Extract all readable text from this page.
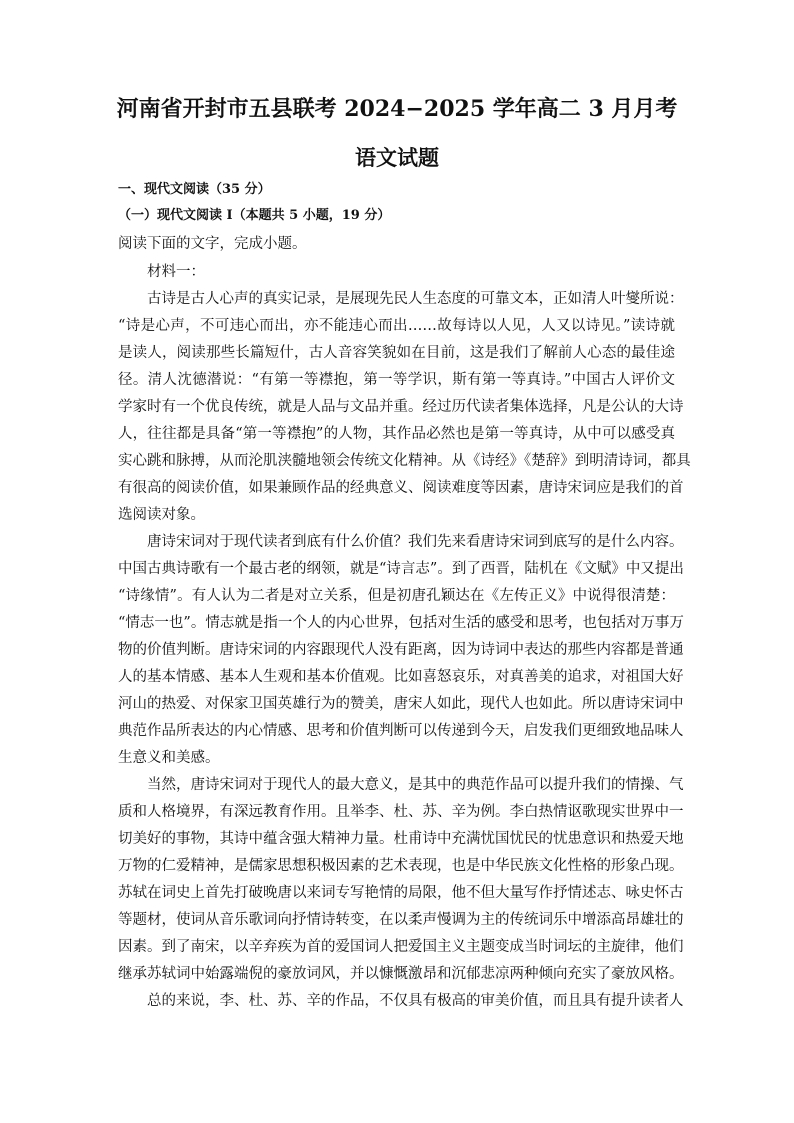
河南省开封市五县联考 2024−2025 学年高二 3 月月考
语文试题
一、现代文阅读（35 分）
（一）现代文阅读 I（本题共 5 小题，19 分）
阅读下面的文字，完成小题。
材料一：
古诗是古人心声的真实记录，是展现先民人生态度的可靠文本，正如清人叶燮所说：
“诗是心声，不可违心而出，亦不能违心而出……故每诗以人见，人又以诗见。”读诗就
是读人，阅读那些长篇短什，古人音容笑貌如在目前，这是我们了解前人心态的最佳途
径。清人沈德潜说：“有第一等襟抱，第一等学识，斯有第一等真诗。”中国古人评价文
学家时有一个优良传统，就是人品与文品并重。经过历代读者集体选择，凡是公认的大诗
人，往往都是具备“第一等襟抱”的人物，其作品必然也是第一等真诗，从中可以感受真
实心跳和脉搏，从而沦肌浃髓地领会传统文化精神。从《诗经》《楚辞》到明清诗词，都具
有很高的阅读价值，如果兼顾作品的经典意义、阅读难度等因素，唐诗宋词应是我们的首
选阅读对象。
唐诗宋词对于现代读者到底有什么价值？我们先来看唐诗宋词到底写的是什么内容。
中国古典诗歌有一个最古老的纲领，就是“诗言志”。到了西晋，陆机在《文赋》中又提出
“诗缘情”。有人认为二者是对立关系，但是初唐孔颖达在《左传正义》中说得很清楚：
“情志一也”。情志就是指一个人的内心世界，包括对生活的感受和思考，也包括对万事万
物的价值判断。唐诗宋词的内容跟现代人没有距离，因为诗词中表达的那些内容都是普通
人的基本情感、基本人生观和基本价值观。比如喜怒哀乐，对真善美的追求，对祖国大好
河山的热爱、对保家卫国英雄行为的赞美，唐宋人如此，现代人也如此。所以唐诗宋词中
典范作品所表达的内心情感、思考和价值判断可以传递到今天，启发我们更细致地品味人
生意义和美感。
当然，唐诗宋词对于现代人的最大意义，是其中的典范作品可以提升我们的情操、气
质和人格境界，有深远教育作用。且举李、杜、苏、辛为例。李白热情讴歌现实世界中一
切美好的事物，其诗中蕴含强大精神力量。杜甫诗中充满忧国忧民的忧患意识和热爱天地
万物的仁爱精神，是儒家思想积极因素的艺术表现，也是中华民族文化性格的形象凸现。
苏轼在词史上首先打破晚唐以来词专写艳情的局限，他不但大量写作抒情述志、咏史怀古
等题材，使词从音乐歌词向抒情诗转变，在以柔声慢调为主的传统词乐中增添高昂雄壮的
因素。到了南宋，以辛弃疾为首的爱国词人把爱国主义主题变成当时词坛的主旋律，他们
继承苏轼词中始露端倪的豪放词风，并以慷慨激昂和沉郁悲凉两种倾向充实了豪放风格。
总的来说，李、杜、苏、辛的作品，不仅具有极高的审美价值，而且具有提升读者人
